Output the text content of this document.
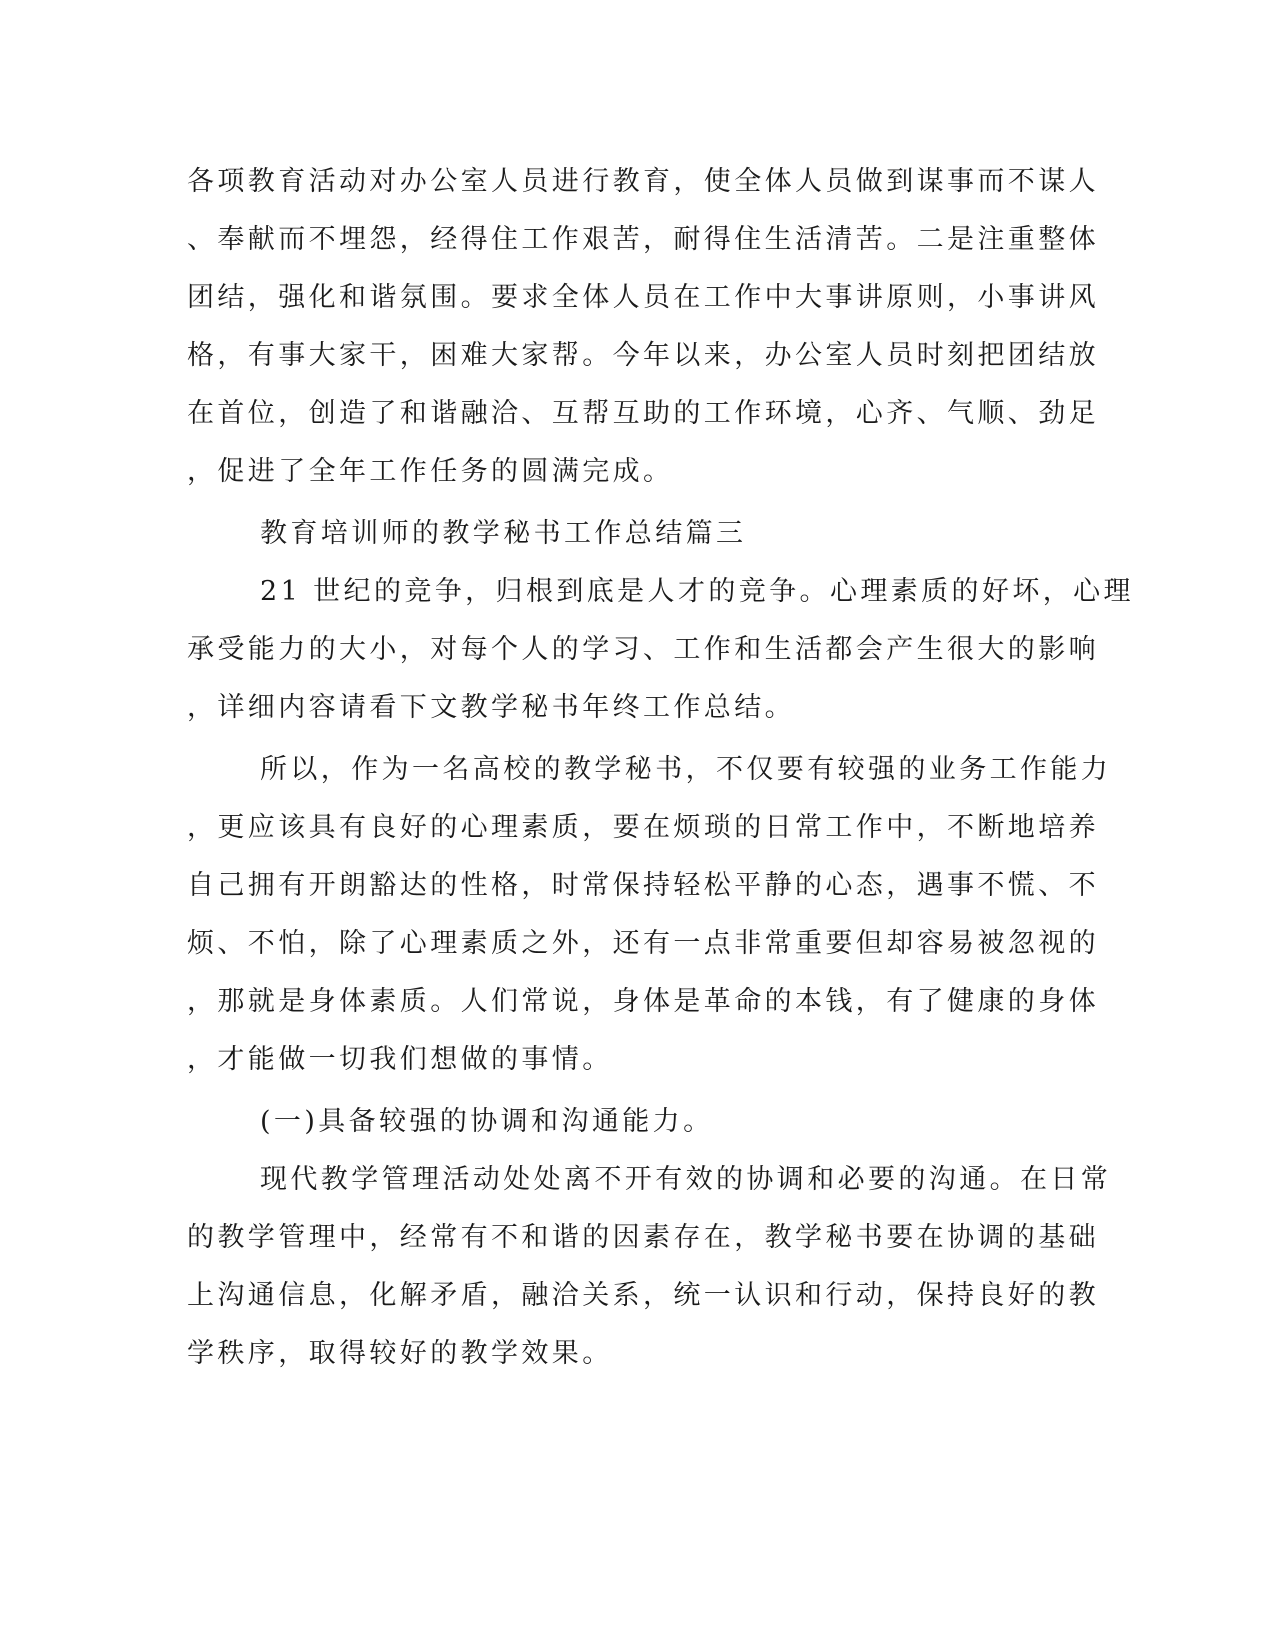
各项教育活动对办公室人员进行教育，使全体人员做到谋事而不谋人
、奉献而不埋怨，经得住工作艰苦，耐得住生活清苦。二是注重整体
团结，强化和谐氛围。要求全体人员在工作中大事讲原则，小事讲风
格，有事大家干，困难大家帮。今年以来，办公室人员时刻把团结放
在首位，创造了和谐融洽、互帮互助的工作环境，心齐、气顺、劲足
，促进了全年工作任务的圆满完成。
教育培训师的教学秘书工作总结篇三
21 世纪的竞争，归根到底是人才的竞争。心理素质的好坏，心理
承受能力的大小，对每个人的学习、工作和生活都会产生很大的影响
，详细内容请看下文教学秘书年终工作总结。
所以，作为一名高校的教学秘书，不仅要有较强的业务工作能力
，更应该具有良好的心理素质，要在烦琐的日常工作中，不断地培养
自己拥有开朗豁达的性格，时常保持轻松平静的心态，遇事不慌、不
烦、不怕，除了心理素质之外，还有一点非常重要但却容易被忽视的
，那就是身体素质。人们常说，身体是革命的本钱，有了健康的身体
，才能做一切我们想做的事情。
(一)具备较强的协调和沟通能力。
现代教学管理活动处处离不开有效的协调和必要的沟通。在日常
的教学管理中，经常有不和谐的因素存在，教学秘书要在协调的基础
上沟通信息，化解矛盾，融洽关系，统一认识和行动，保持良好的教
学秩序，取得较好的教学效果。
